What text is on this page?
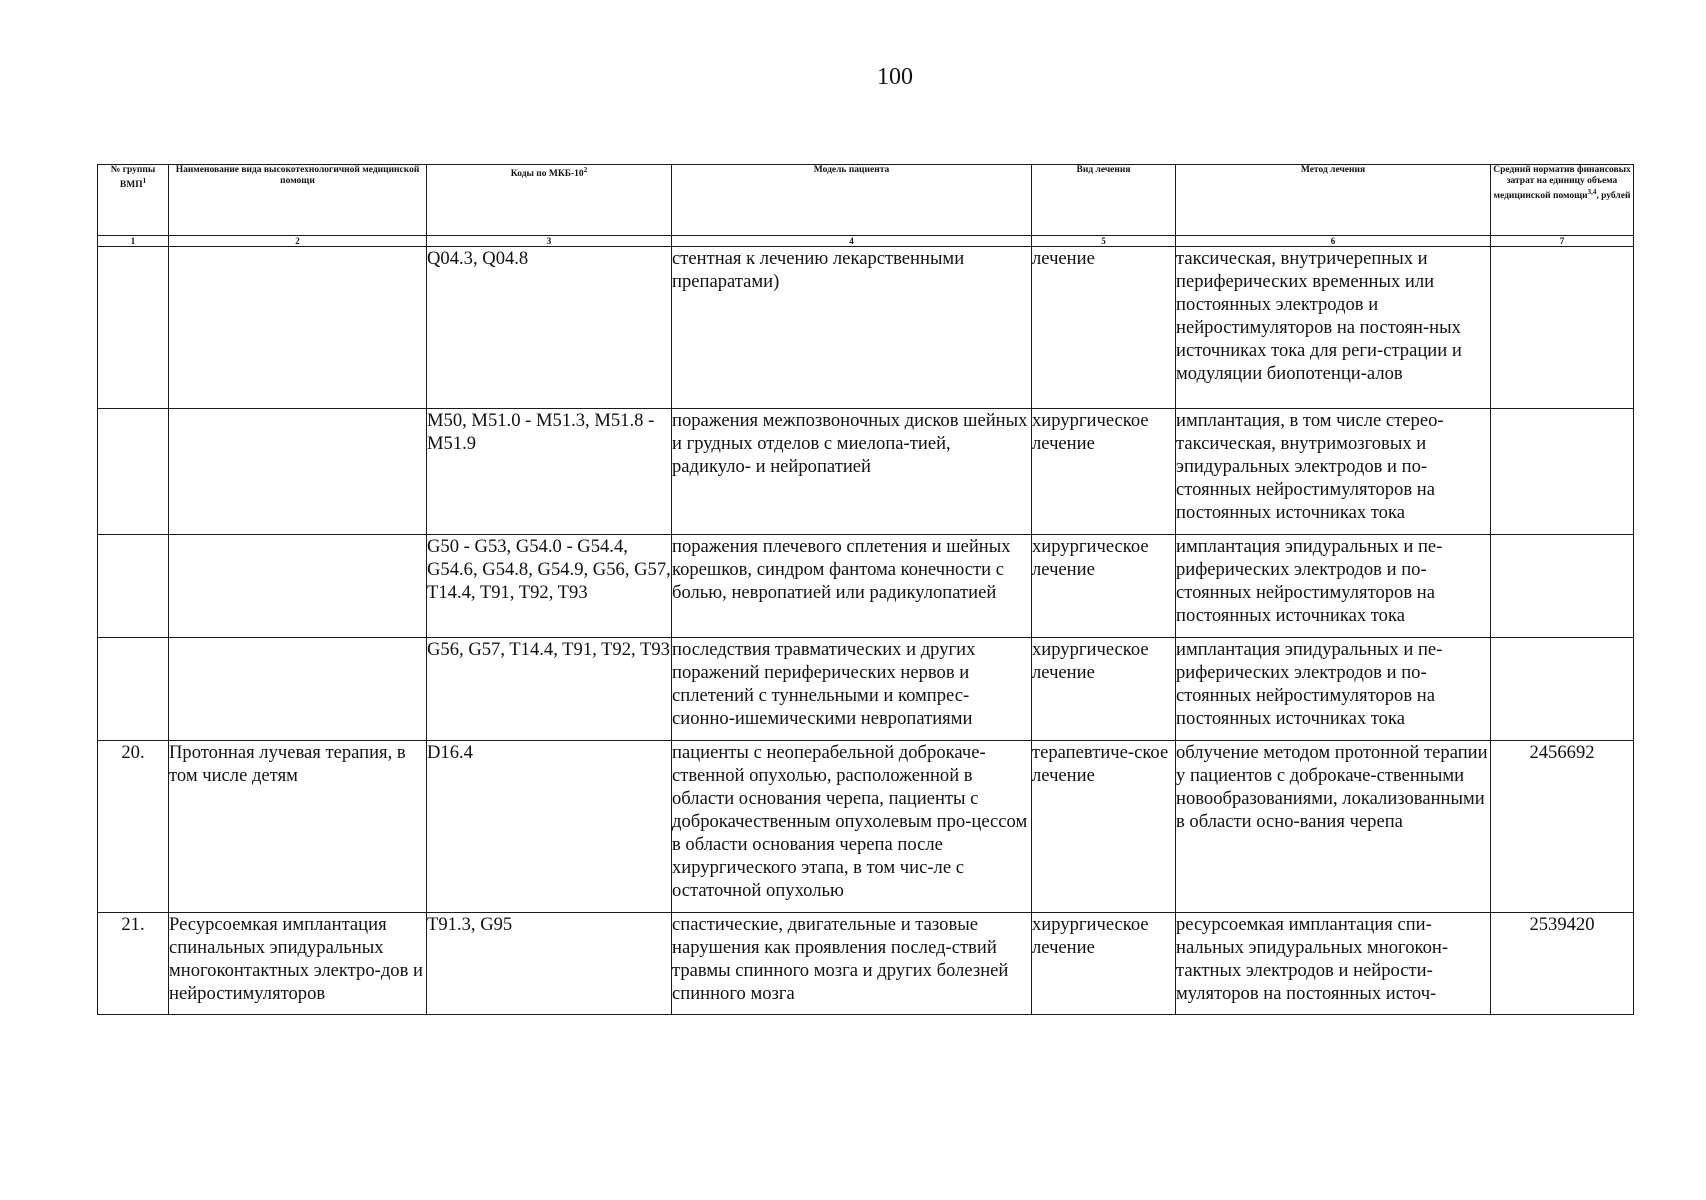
100
№ группы ВМП$^1$	Наименование вида высокотехнологичной медицинской помощи	Коды по МКБ-$10^2$	Модель пациента	Вид лечения	Метод лечения	Средний норматив финансовых затрат на единицу объема медицинской помощи$^{3,4}$, рублей
1	2	3	4	5	6	7
		Q04.3, Q04.8	стентная к лечению лекарственными препаратами)	лечение	таксическая, внутричерепных и периферических временных или постоянных электродов и нейростимуляторов на постоян-ных источниках тока для реги-страции и модуляции биопотенци-алов	
		M50, M51.0 - M51.3, M51.8 - M51.9	поражения межпозвоночных дисков шейных и грудных отделов с миелопа-тией, радикуло- и нейропатией	хирургическое лечение	имплантация, в том числе стерео-таксическая, внутримозговых и эпидуральных электродов и по-стоянных нейростимуляторов на постоянных источниках тока	
		G50 - G53, G54.0 - G54.4, G54.6, G54.8, G54.9, G56, G57, T14.4, T91, T92, T93	поражения плечевого сплетения и шейных корешков, синдром фантома конечности с болью, невропатией или радикулопатией	хирургическое лечение	имплантация эпидуральных и пе-риферических электродов и по-стоянных нейростимуляторов на постоянных источниках тока	
		G56, G57, T14.4, T91, T92, T93	последствия травматических и других поражений периферических нервов и сплетений с туннельными и компрес-сионно-ишемическими невропатиями	хирургическое лечение	имплантация эпидуральных и пе-риферических электродов и по-стоянных нейростимуляторов на постоянных источниках тока	
20.	Протонная лучевая терапия, в том числе детям	D16.4	пациенты с неоперабельной доброкаче-ственной опухолью, расположенной в области основания черепа, пациенты с доброкачественным опухолевым про-цессом в области основания черепа после хирургического этапа, в том чис-ле с остаточной опухолью	терапевтиче-ское лечение	облучение методом протонной терапии у пациентов с доброкаче-ственными новообразованиями, локализованными в области осно-вания черепа	2456692
21.	Ресурсоемкая имплантация спинальных эпидуральных многоконтактных электро-дов и нейростимуляторов	T91.3, G95	спастические, двигательные и тазовые нарушения как проявления послед-ствий травмы спинного мозга и других болезней спинного мозга	хирургическое лечение	ресурсоемкая имплантация спи-нальных эпидуральных многокон-тактных электродов и нейрости-муляторов на постоянных источ-	2539420
